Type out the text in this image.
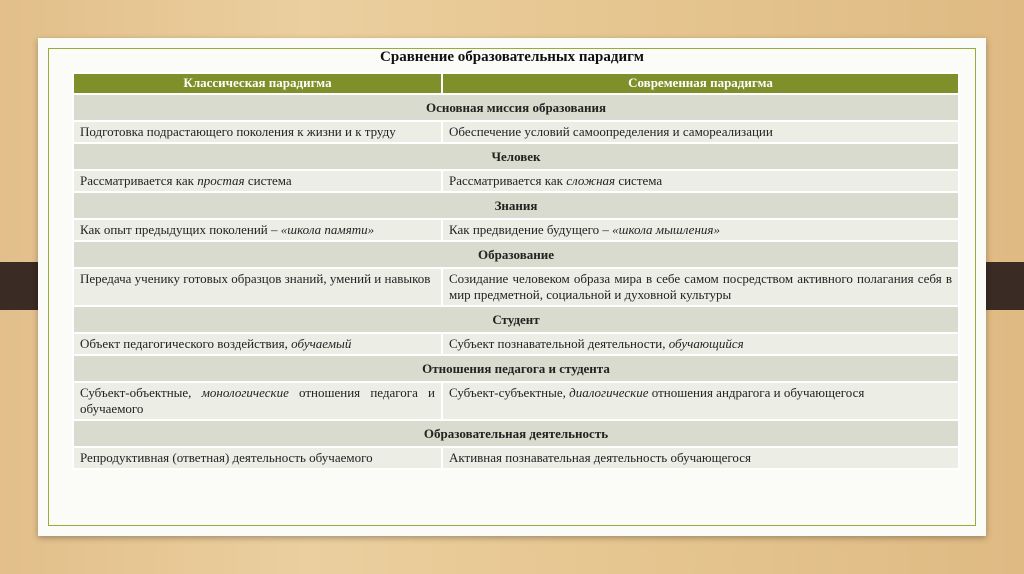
Сравнение образовательных парадигм
Классическая парадигма	Современная парадигма
Основная миссия образования	
Подготовка подрастающего поколения к жизни и к труду	Обеспечение условий самоопределения и самореализации
Человек	
Рассматривается как простая система	Рассматривается как сложная система
Знания	
Как опыт предыдущих поколений – «школа памяти»	Как предвидение будущего – «школа мышления»
Образование	
Передача ученику готовых образцов знаний, умений и навыков	Созидание человеком образа мира в себе самом посредством активного полагания себя в мир предметной, социальной и духовной культуры
Студент	
Объект педагогического воздействия, обучаемый	Субъект познавательной деятельности, обучающийся
Отношения педагога и студента	
Субъект-объектные, монологические отношения педагога и обучаемого	Субъект-субъектные, диалогические отношения андрагога и обучающегося
Образовательная деятельность	
Репродуктивная (ответная) деятельность обучаемого	Активная познавательная деятельность обучающегося
